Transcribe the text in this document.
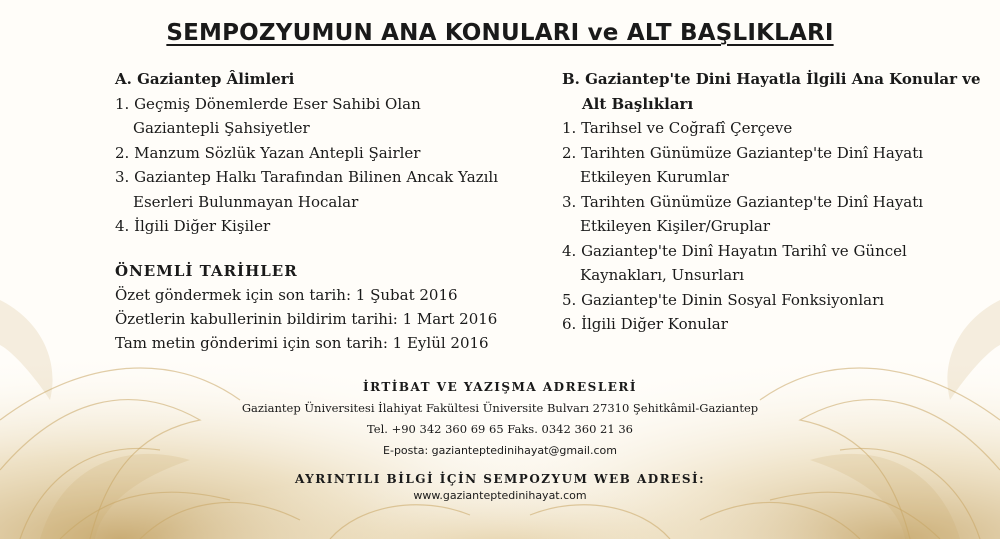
SEMPOZYUMUN ANA KONULARI ve ALT BAŞLIKLARI
A. Gaziantep Âlimleri
1. Geçmiş Dönemlerde Eser Sahibi Olan
Gaziantepli Şahsiyetler
2. Manzum Sözlük Yazan Antepli Şairler
3. Gaziantep Halkı Tarafından Bilinen Ancak Yazılı
Eserleri Bulunmayan Hocalar
4. İlgili Diğer Kişiler
ÖNEMLİ TARİHLER
Özet göndermek için son tarih: 1 Şubat 2016
Özetlerin kabullerinin bildirim tarihi: 1 Mart 2016
Tam metin gönderimi için son tarih: 1 Eylül 2016
B. Gaziantep'te Dini Hayatla İlgili Ana Konular ve
Alt Başlıkları
1. Tarihsel ve Coğrafî Çerçeve
2. Tarihten Günümüze Gaziantep'te Dinî Hayatı
Etkileyen Kurumlar
3. Tarihten Günümüze Gaziantep'te Dinî Hayatı
Etkileyen Kişiler/Gruplar
4. Gaziantep'te Dinî Hayatın Tarihî ve Güncel
Kaynakları, Unsurları
5. Gaziantep'te Dinin Sosyal Fonksiyonları
6. İlgili Diğer Konular
İRTİBAT VE YAZIŞMA ADRESLERİ
Gaziantep Üniversitesi İlahiyat Fakültesi Üniversite Bulvarı 27310 Şehitkâmil-Gaziantep
Tel. +90 342 360 69 65 Faks. 0342 360 21 36
E-posta: gazianteptedinihayat@gmail.com
AYRINTILI BİLGİ İÇİN SEMPOZYUM WEB ADRESİ:
www.gazianteptedinihayat.com
